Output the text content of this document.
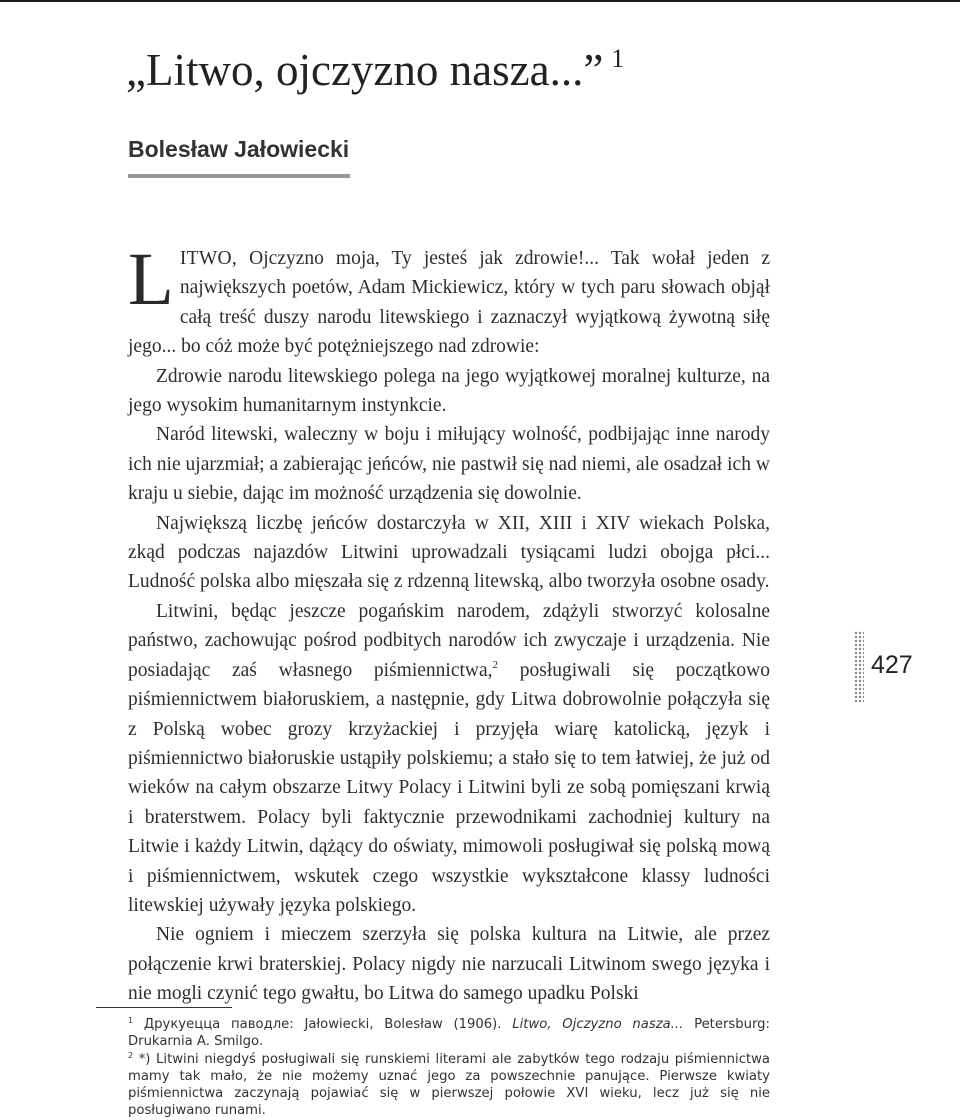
„Litwo, ojczyzno nasza...” $^1$
Bolesław Jałowiecki

LITWO, Ojczyzno moja, Ty jesteś jak zdrowie!... Tak wołał jeden z największych poetów, Adam Mickiewicz, który w tych paru słowach objął całą treść duszy narodu litewskiego i zaznaczył wyjątkową żywotną siłę jego... bo cóż może być potężniejszego nad zdrowie:

Zdrowie narodu litewskiego polega na jego wyjątkowej moralnej kulturze, na jego wysokim humanitarnym instynkcie.

Naród litewski, waleczny w boju i miłujący wolność, podbijając inne narody ich nie ujarzmiał; a zabierając jeńców, nie pastwił się nad niemi, ale osadzał ich w kraju u siebie, dając im możność urządzenia się dowolnie.

Największą liczbę jeńców dostarczyła w XII, XIII i XIV wiekach Polska, zkąd podczas najazdów Litwini uprowadzali tysiącami ludzi obojga płci... Ludność polska albo mięszała się z rdzenną litewską, albo tworzyła osobne osady.

Litwini, będąc jeszcze pogańskim narodem, zdążyli stworzyć kolosalne państwo, zachowując pośrod podbitych narodów ich zwyczaje i urządzenia. Nie posiadając zaś własnego piśmiennictwa,$^2$ posługiwali się początkowo piśmiennictwem białoruskiem, a następnie, gdy Litwa dobrowolnie połączyła się z Polską wobec grozy krzyżackiej i przyjęła wiarę katolicką, język i piśmiennictwo białoruskie ustąpiły polskiemu; a stało się to tem łatwiej, że już od wieków na całym obszarze Litwy Polacy i Litwini byli ze sobą pomięszani krwią i braterstwem. Polacy byli faktycznie przewodnikami zachodniej kultury na Litwie i każdy Litwin, dążący do oświaty, mimowoli posługiwał się polską mową i piśmiennictwem, wskutek czego wszystkie wykształcone klassy ludności litewskiej używały języka polskiego.

Nie ogniem i mieczem szerzyła się polska kultura na Litwie, ale przez połączenie krwi braterskiej. Polacy nigdy nie narzucali Litwinom swego języka i nie mogli czynić tego gwałtu, bo Litwa do samego upadku Polski

$^1$ Друкуецца паводле: Jałowiecki, Bolesław (1906). Litwo, Ojczyzno nasza... Petersburg: Drukarnia A. Smilgo.

$^2$ *) Litwini niegdyś posługiwali się runskiemi literami ale zabytków tego rodzaju piśmiennictwa mamy tak mało, że nie możemy uznać jego za powszechnie panujące. Pierwsze kwiaty piśmiennictwa zaczynają pojawiać się w pierwszej połowie XVI wieku, lecz już się nie posługiwano runami.

427
